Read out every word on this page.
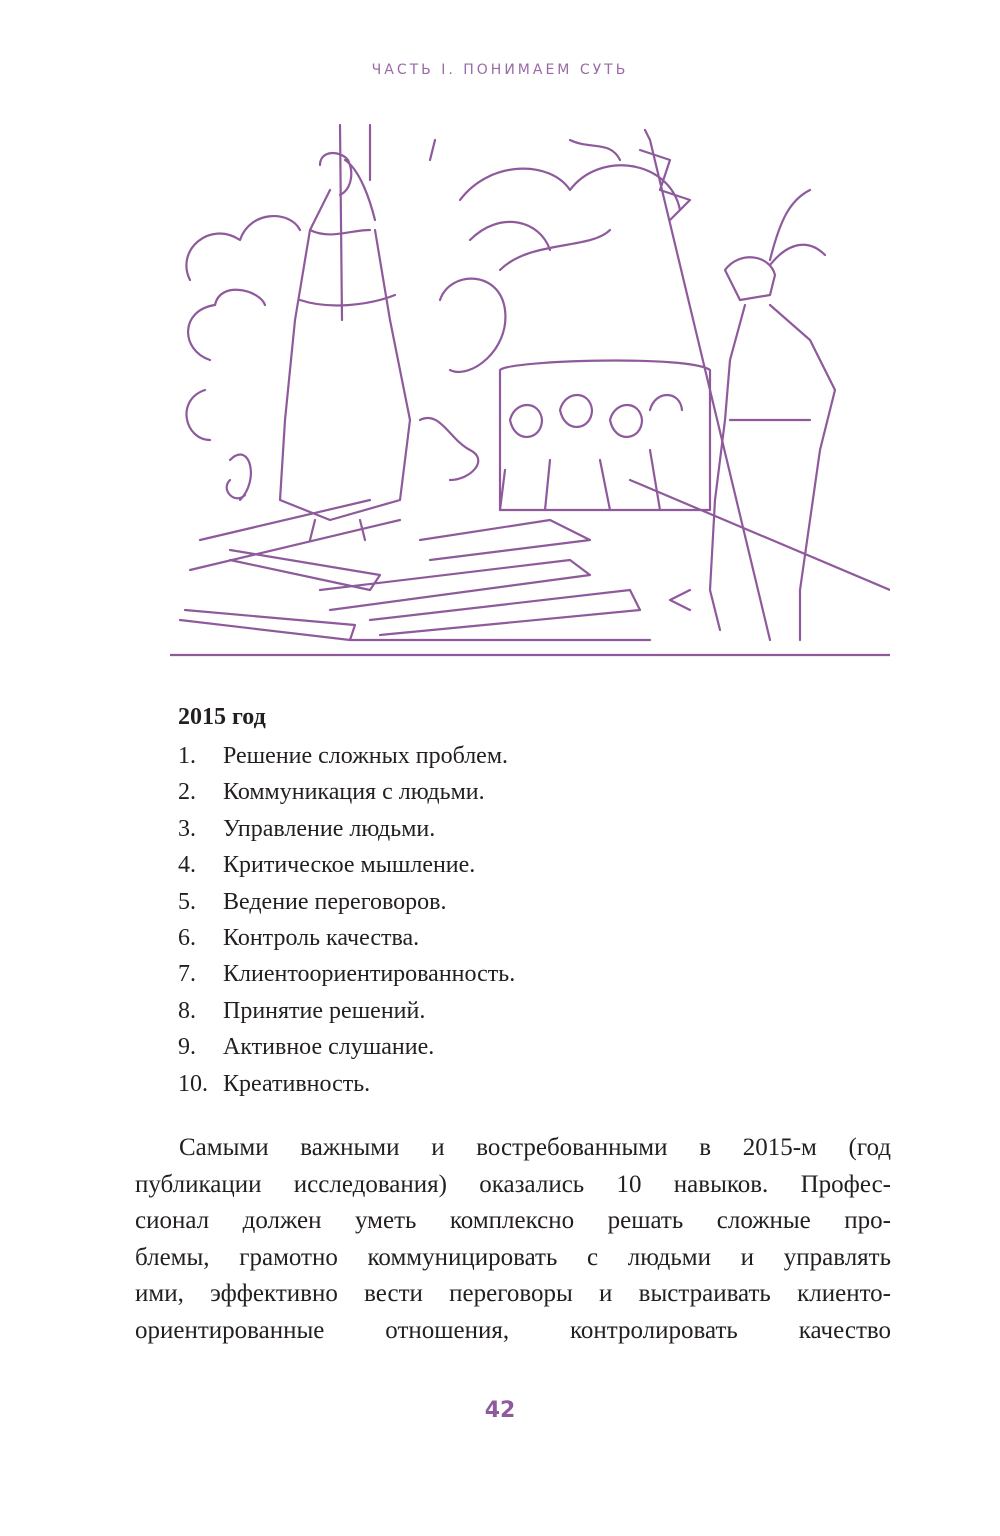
ЧАСТЬ I. ПОНИМАЕМ СУТЬ
2015 год
1.	Решение сложных проблем.
2.	Коммуникация с людьми.
3.	Управление людьми.
4.	Критическое мышление.
5.	Ведение переговоров.
6.	Контроль качества.
7.	Клиентоориентированность.
8.	Принятие решений.
9.	Активное слушание.
10. Креативность.
Самыми важными и востребованными в 2015-м (год
публикации исследования) оказались 10 навыков. Профес-
сионал должен уметь комплексно решать сложные про-
блемы, грамотно коммуницировать с людьми и управлять
ими, эффективно вести переговоры и выстраивать клиенто-
ориентированные отношения, контролировать качество
42
